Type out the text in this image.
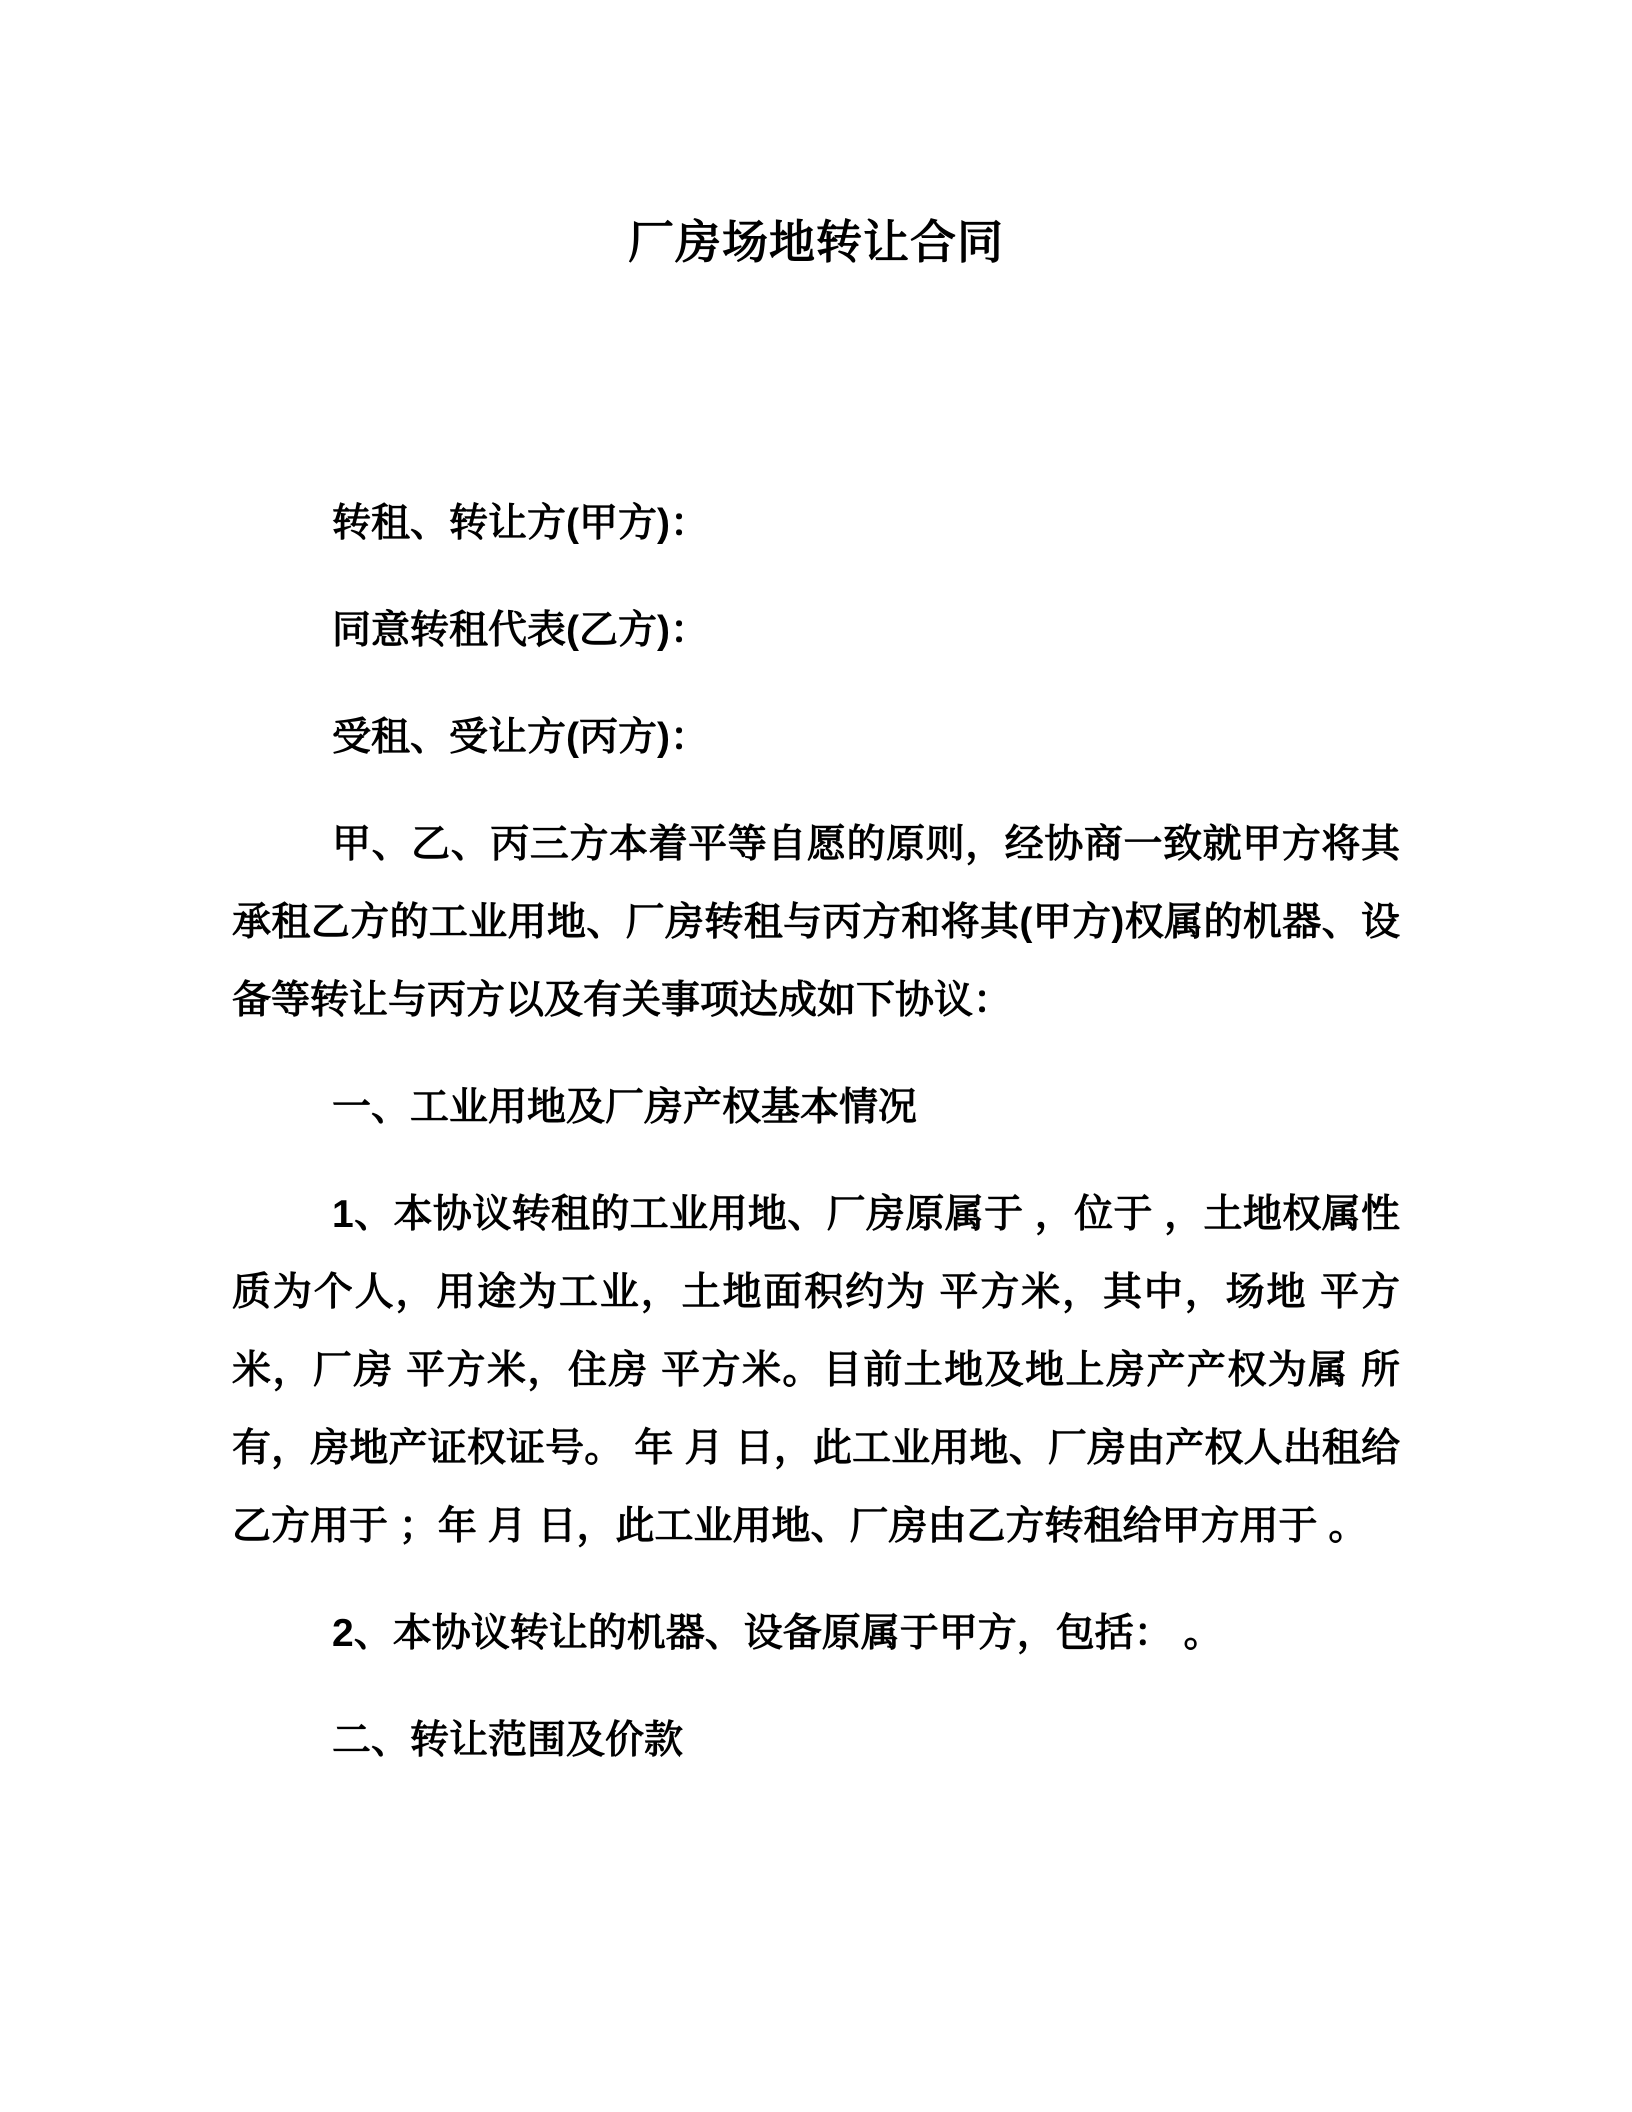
厂房场地转让合同

转租、转让方(甲方)：

同意转租代表(乙方)：

受租、受让方(丙方)：

甲、乙、丙三方本着平等自愿的原则，经协商一致就甲方将其承租乙方的工业用地、厂房转租与丙方和将其(甲方)权属的机器、设备等转让与丙方以及有关事项达成如下协议：

一、工业用地及厂房产权基本情况

1、本协议转租的工业用地、厂房原属于 ，位于 ，土地权属性质为个人，用途为工业，土地面积约为 平方米，其中，场地 平方米，厂房 平方米，住房 平方米。目前土地及地上房产产权为属 所有，房地产证权证号。 年 月 日，此工业用地、厂房由产权人出租给乙方用于 ；年 月 日，此工业用地、厂房由乙方转租给甲方用于 。

2、本协议转让的机器、设备原属于甲方，包括： 。

二、转让范围及价款
